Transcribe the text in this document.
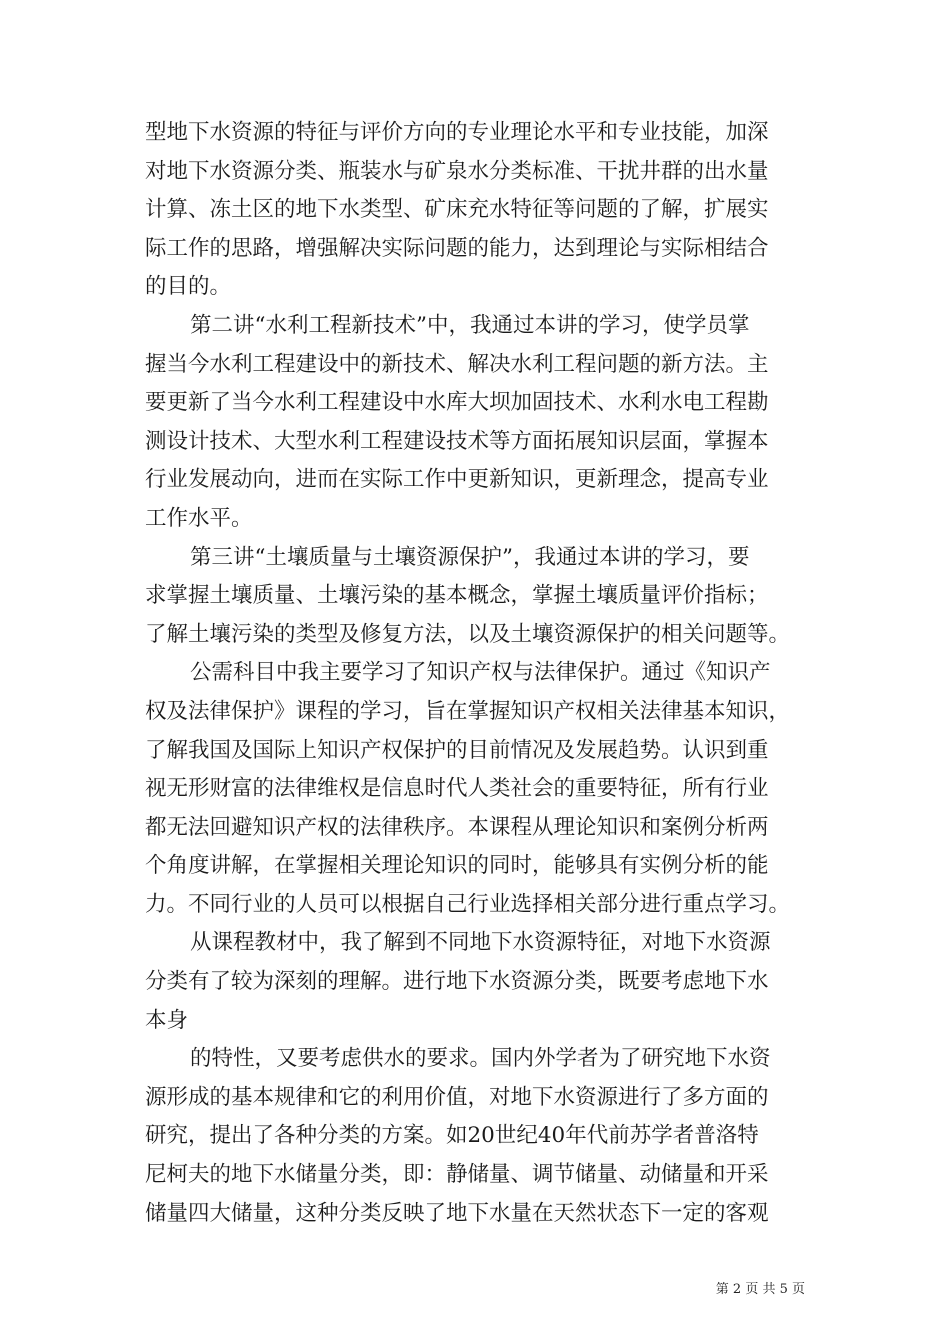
型地下水资源的特征与评价方向的专业理论水平和专业技能，加深
对地下水资源分类、瓶装水与矿泉水分类标准、干扰井群的出水量
计算、冻土区的地下水类型、矿床充水特征等问题的了解，扩展实
际工作的思路，增强解决实际问题的能力，达到理论与实际相结合
的目的。
第二讲“水利工程新技术”中，我通过本讲的学习，使学员掌
握当今水利工程建设中的新技术、解决水利工程问题的新方法。主
要更新了当今水利工程建设中水库大坝加固技术、水利水电工程勘
测设计技术、大型水利工程建设技术等方面拓展知识层面，掌握本
行业发展动向，进而在实际工作中更新知识，更新理念，提高专业
工作水平。
第三讲“土壤质量与土壤资源保护”，我通过本讲的学习，要
求掌握土壤质量、土壤污染的基本概念，掌握土壤质量评价指标；
了解土壤污染的类型及修复方法，以及土壤资源保护的相关问题等。
公需科目中我主要学习了知识产权与法律保护。通过《知识产
权及法律保护》课程的学习，旨在掌握知识产权相关法律基本知识，
了解我国及国际上知识产权保护的目前情况及发展趋势。认识到重
视无形财富的法律维权是信息时代人类社会的重要特征，所有行业
都无法回避知识产权的法律秩序。本课程从理论知识和案例分析两
个角度讲解，在掌握相关理论知识的同时，能够具有实例分析的能
力。不同行业的人员可以根据自己行业选择相关部分进行重点学习。
从课程教材中，我了解到不同地下水资源特征，对地下水资源
分类有了较为深刻的理解。进行地下水资源分类，既要考虑地下水
本身
的特性，又要考虑供水的要求。国内外学者为了研究地下水资
源形成的基本规律和它的利用价值，对地下水资源进行了多方面的
研究，提出了各种分类的方案。如20世纪40年代前苏学者普洛特
尼柯夫的地下水储量分类，即：静储量、调节储量、动储量和开采
储量四大储量，这种分类反映了地下水量在天然状态下一定的客观
第 2 页 共 5 页
